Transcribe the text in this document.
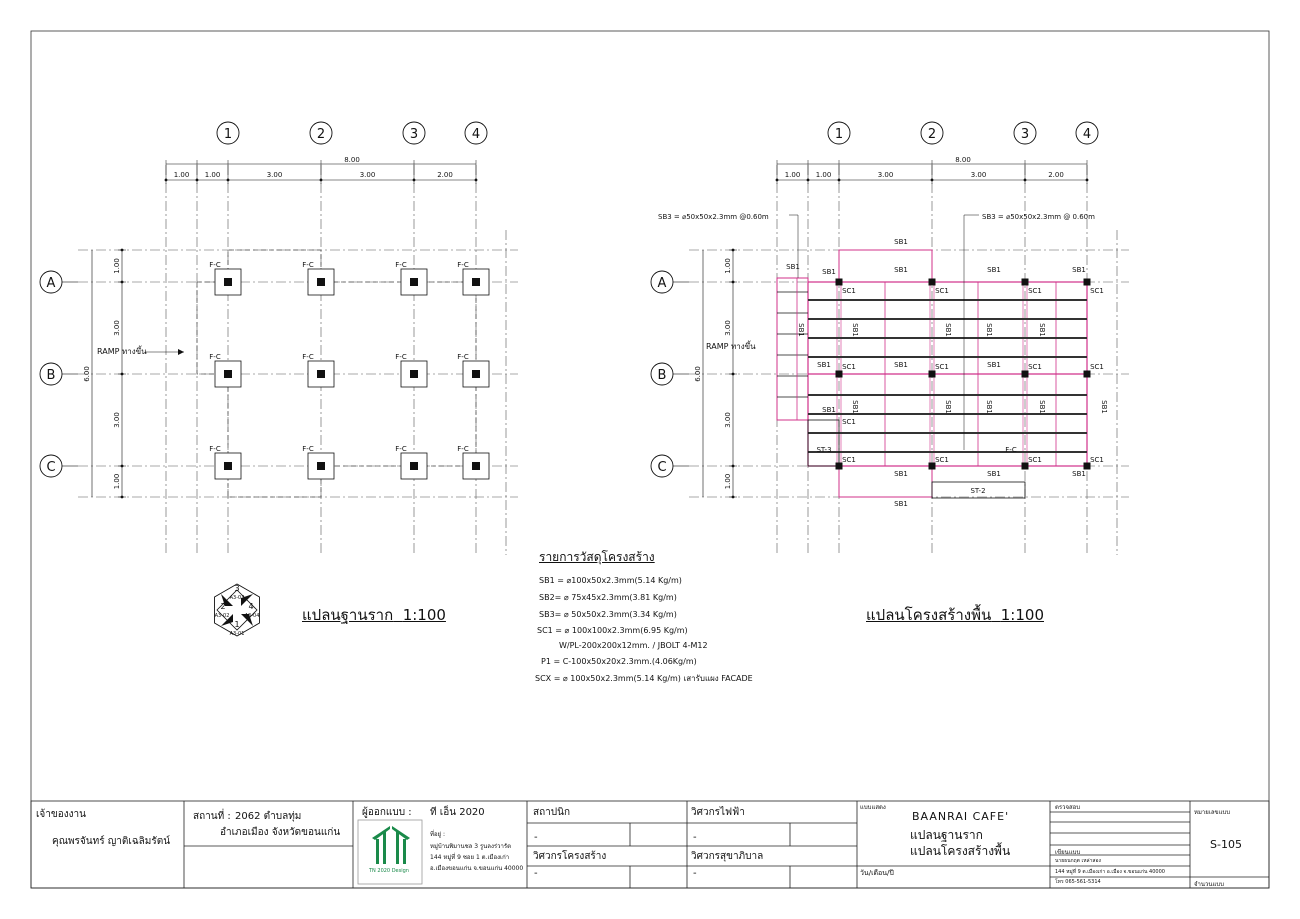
1	2	3	4
A
B
C
8.00
1.00 1.00	3.00	3.00	2.00
1.00
3.00
3.00
1.00
6.00
F-C
F-C
F-C
F-C
F-C
F-C
F-C
F-C
F-C
F-C
F-C
F-C
RAMP ทางขึ้น
1	2	3	4
A
B
C
8.00
1.00 1.00	3.00	3.00	2.00
1.00
3.00
3.00
1.00
6.00
SB1
SB1	SB1	SB1	SB1
SB1
SB1	SB1
SB1
SB1
SB1	SB1	SB1
SB1
SB1	SB1	SB1	SB1	SB1
SB1	SB1	SB1	SB1
SB1
SC1	SC1	SC1	SC1
SC1	SC1	SC1	SC1
SC1
SC1	SC1	SC1	SC1
ST-3
ST-2
F-C
SB3 = ⌀50x50x2.3mm @0.60m	SB3 = ⌀50x50x2.3mm @ 0.60m
RAMP ทางขึ้น
3
A3-03
2
A3-02
4
A3-04
1
A3-01
แปลนฐานราก 1:100	แปลนโครงสร้างพื้น 1:100
รายการวัสดุโครงสร้าง
SB1 = ⌀100x50x2.3mm(5.14 Kg/m)
SB2= ⌀ 75x45x2.3mm(3.81 Kg/m)
SB3= ⌀ 50x50x2.3mm(3.34 Kg/m)
SC1 = ⌀ 100x100x2.3mm(6.95 Kg/m)
W/PL-200x200x12mm. / JBOLT 4-M12
P1 = C-100x50x20x2.3mm.(4.06Kg/m)
SCX = ⌀ 100x50x2.3mm(5.14 Kg/m) เสารับแผง FACADE
เจ้าของงาน
คุณพรจันทร์ ญาติเฉลิมรัตน์
สถานที่ : 2062 ตำบลทุ่ม
อำเภอเมือง จังหวัดขอนแก่น
ผู้ออกแบบ : ที เอ็น 2020
ที่อยู่ :
หมู่บ้านพิมานชล 3 รูนลงร่วารัต
144 หมู่ที่ 9 ซอย 1 ต.เมืองเก่า
อ.เมืองขอนแก่น จ.ขอนแก่น 40000
TN 2020 Design
สถาปนิก	วิศวกรไฟฟ้า
-	-
วิศวกรโครงสร้าง	วิศวกรสุขาภิบาล
-	-
แบบแสดง
BAANRAI CAFE'
แปลนฐานราก
แปลนโครงสร้างพื้น
วัน/เดือน/ปี
ตรวจสอบ
เขียนแบบ
นายธนกฤต เหล่าสอง
144 หมู่ที่ 9 ต.เมืองเก่า อ.เมือง จ.ขอนแก่น 40000
โทร 065-561-5314
หมายเลขแบบ
S-105
จำนวนแบบ
